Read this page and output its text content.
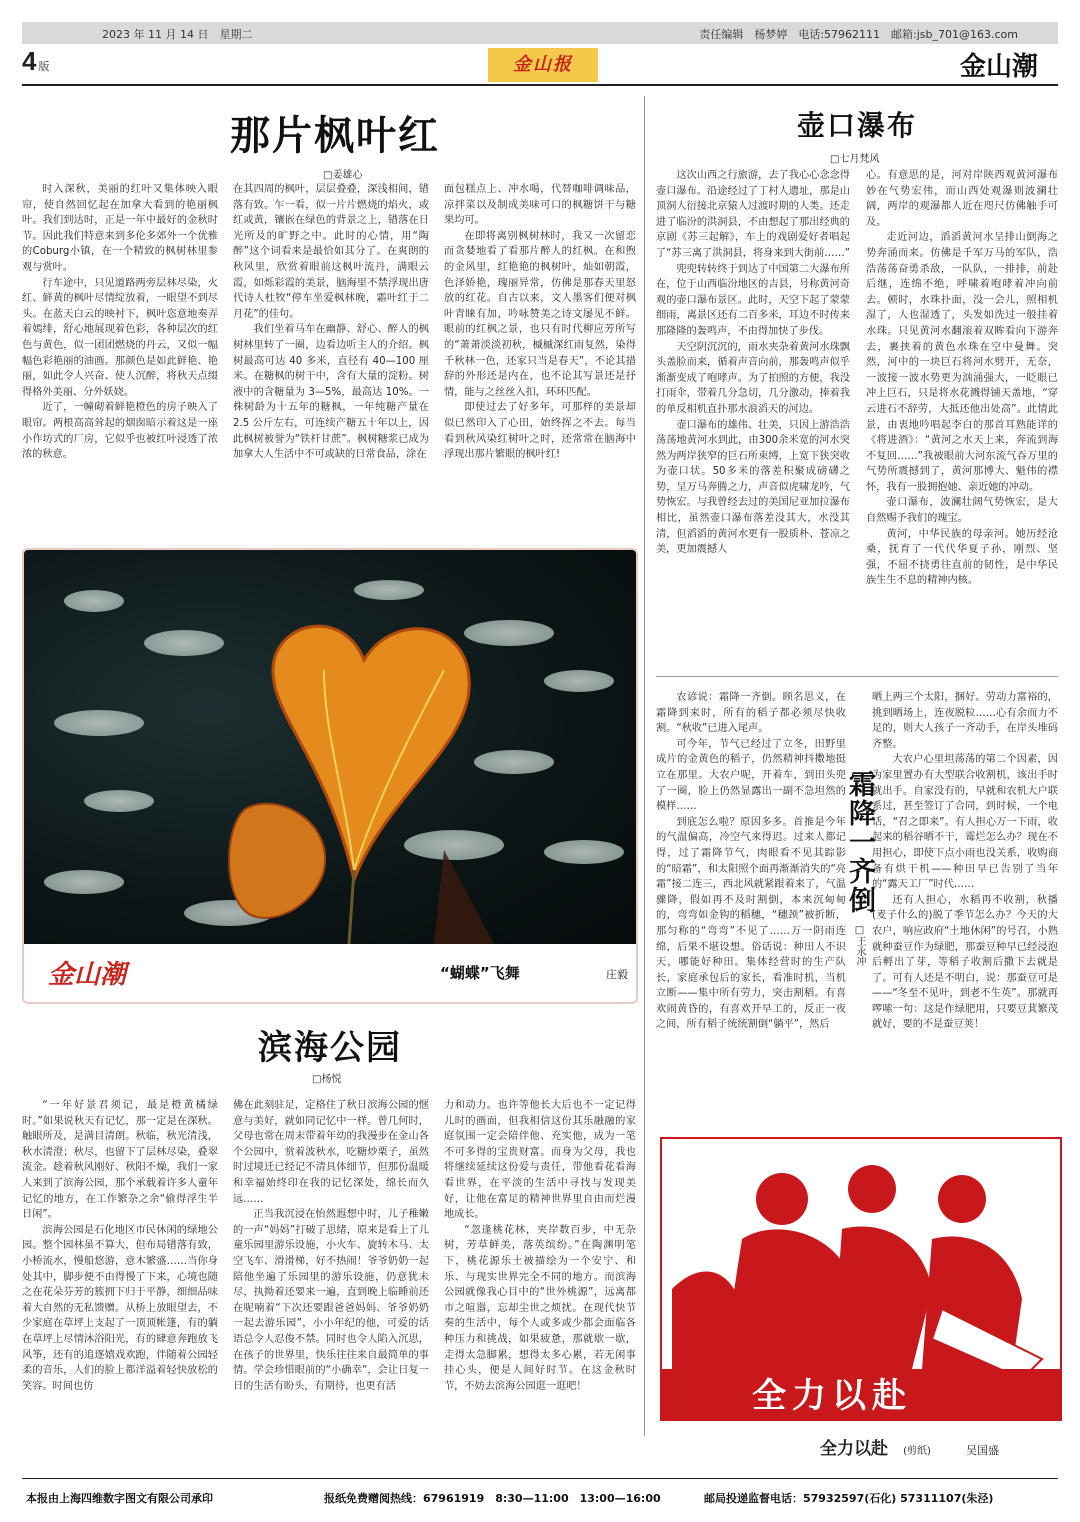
2023 年 11 月 14 日　星期二	责任编辑　杨梦婷　电话:57962111　邮箱:jsb_701@163.com
4 版	金山报	金山潮
那片枫叶红
□姜雄心

时入深秋，美丽的红叶又集体映入眼帘，使自然回忆起在加拿大看到的艳丽枫叶。我们到达时，正是一年中最好的金秋时节。因此我们特意来到多伦多郊外一个优雅的Coburg小镇，在一个精致的枫树林里参观与赏叶。

行车途中，只见道路两旁层林尽染，火红、鲜黄的枫叶尽情绽放着，一眼望不到尽头。在蓝天白云的映衬下，枫叶恣意地奏弄着嫣绯，舒心地展现着色彩，各种层次的红色与黄色，似一团团燃烧的丹云，又似一幅幅色彩艳丽的油画。那颜色是如此鲜艳、艳丽，如此令人兴奋、使人沉醉，将秋天点缀得格外美丽、分外妖娆。

近了，一幢砌着鲜艳橙色的房子映入了眼帘。两根高高耸起的烟囱暗示着这是一座小作坊式的厂房，它似乎也被红叶浸透了浓浓的秋意。

在其四周的枫叶，层层叠叠，深浅相间，错落有致。乍一看，似一片片燃烧的焰火，或红或黄，镶嵌在绿色的背景之上，错落在日光所及的旷野之中。此时的心情，用“陶醉”这个词看来是最恰如其分了。在爽朗的秋风里，欣赏着眼前这枫叶流丹，满眼云霞，如烁彩霞的美景，脑海里不禁浮现出唐代诗人杜牧“停车坐爱枫林晚，霜叶红于二月花”的佳句。

我们坐着马车在幽静、舒心、醉人的枫树林里转了一圈，边看边听主人的介绍。枫树最高可达 40 多米，直径有 40—100 厘米。在糖枫的树干中，含有大量的淀粉。树液中的含糖量为 3—5%，最高达 10%。一株树龄为十五年的糖枫，一年纯糖产量在 2.5 公斤左右，可连续产糖五十年以上，因此枫树被誉为“铁杆甘蔗”。枫树糖浆已成为加拿大人生活中不可或缺的日常食品，涂在

面包糕点上、冲水喝，代替咖啡调味品，凉拌菜以及制成美味可口的枫糖饼干与糖果均可。

在即将离别枫树林时，我又一次留恋而贪婪地看了看那片醉人的红枫。在和煦的金风里，红艳艳的枫树叶，灿如朝霞，色泽娇艳，瑰丽异常，仿佛是那春天里怒放的红花。自古以来，文人墨客们便对枫叶青睐有加，吟咏赞美之诗文屡见不鲜。眼前的红枫之景，也只有时代柳应芳所写的“萧萧淡淡初秋，槭槭深红雨复然，染得千秋林一色，还家只当是春天”，不论其措辞的外形还是内在，也不论其写景还是抒情，能与之丝丝入扣，环环匹配。

即使过去了好多年，可那样的美景却似已然印入了心田，始终挥之不去。每当看到秋风染红树叶之时，还常常在脑海中浮现出那片繁眼的枫叶红!

壶口瀑布
□七月梵风

这次山西之行旅游，去了我心心念念得壶口瀑布。沿途经过了丁村人遗址，那是山顶洞人衍接北京猿人过渡时期的人类。还走进了临汾的洪洞县，不由想起了那出经典的京剧《苏三起解》，车上的戏剧爱好者唱起了“苏三离了洪洞县，将身来到大街前……”

兜兜转转终于到达了中国第二大瀑布所在，位于山西临汾地区的吉县，号称黄河奇观的壶口瀑布景区。此时，天空下起了蒙蒙细雨，离景区还有二百多米，耳边不时传来那隆隆的轰鸣声，不由得加快了步伐。

天空阴沉沉的，雨水夹杂着黄河水珠飘头盖脸而来，循着声音向前，那轰鸣声似乎渐渐变成了咆哮声。为了拍照的方便，我没打雨伞，带着几分急切，几分激动，捧着我的单反相机直扑那水浪滔天的河边。

壶口瀑布的雄伟、壮美，只因上游浩浩荡荡地黄河水到此，由300余米宽的河水突然为两岸狭窄的巨石所束缚，上宽下狭突收为壶口状。50多米的落差积聚成磅礴之势，呈万马奔腾之力，声音似虎啸龙吟，气势恢宏。与我曾经去过的美国尼亚加拉瀑布相比，虽然壶口瀑布落差没其大，水没其清，但滔滔的黄河水更有一股质朴、苍凉之美，更加震撼人

心。有意思的是，河对岸陕西观黄河瀑布妙在气势宏伟，而山西处观瀑则波澜壮阔，两岸的观瀑都人近在咫尺仿佛触手可及。

走近河边，滔滔黄河水呈排山倒海之势奔涌而来。仿佛是千军万马的军队，浩浩荡荡奋勇杀敌，一队队，一排排，前赴后继，连绵不绝，呼啸着咆哮着冲向前去。顿时，水珠扑面，没一会儿，照相机湿了，人也湿透了，头发如洗过一般挂着水珠。只见黄河水翻滚着双眸看向下游奔去，裹挟着的黄色水珠在空中曼舞。突然，河中的一块巨石将河水劈开，无奈，一波接一波水势更为汹涌强大，一眨眼已冲上巨石，只是将水花溅得铺天盖地，“穿云进石不辞劳，大抵还他出处高”。此情此景，由衷地吟唱起李白的那首耳熟能详的《将进酒》：“黄河之水天上来，奔流到海不复回……”我被眼前大河东流气吞万里的气势所震撼到了，黄河那博大、魁伟的襟怀，我有一股拥抱她、亲近她的冲动。

壶口瀑布，波澜壮阔气势恢宏，是大自然赐予我们的瑰宝。

黄河，中华民族的母亲河。她历经沧桑，抚育了一代代华夏子孙，刚烈、坚强，不屈不挠勇往直前的韧性，是中华民族生生不息的精神内核。

金山潮	“蝴蝶”飞舞	庄毅

农谚说：霜降一齐倒。顾名思义，在霜降到来时，所有的稻子都必须尽快收割。“秋收”已进入尾声。

可今年，节气已经过了立冬，田野里成片的金黄色的稻子，仍然精神抖擞地挺立在那里。大农户呢，开着车，到田头兜了一圈，脸上仍然显露出一副不急坦然的模样……

到底怎么啦？原因多多。首推是今年的气温偏高，冷空气来得迟。过来人都记得，过了霜降节气，肉眼看不见其踪影的“暗霜”，和太阳照个面再渐渐消失的“亮霜”接二连三，西北风就紧跟着来了，气温骤降，假如再不及时割倒，本来沉甸甸的，弯弯如金钩的稻穗，“穗颈”被折断，那匀称的“弯弯”不见了……万一阴雨连绵，后果不堪设想。俗话说：种田人不识天，哪能好种田。集体经营时的生产队长，家庭承包后的家长，看准时机，当机立断——集中所有劳力，突击割稻。有喜欢闹黄昏的，有喜欢开早工的，反正一夜之间，所有稻子统统割倒“躺平”，然后

霜降一齐倒
□王永冲

晒上两三个太阳，捆好。劳动力富裕的，挑到晒场上，连夜脱粒……心有余而力不足的，则大人孩子一齐动手，在岸头堆码齐整。

大农户心里坦荡荡的第二个因素，因为家里置办有大型联合收割机，该出手时就出手。自家没有的，早就和农机大户联系过，甚至签订了合同，到时候，一个电话，“召之即来”。有人担心万一下雨，收起来的稻谷晒不干，霉烂怎么办？现在不用担心，即使下点小雨也没关系，收购商备有烘干机——种田早已告别了当年的“露天工厂”时代……

还有人担心，水稻再不收割，秋播(麦子什么的)脱了季节怎么办？今天的大农户，响应政府“土地休闲”的号召，小熟就种蚕豆作为绿肥，那蚕豆种早已经浸泡后孵出了芽，等稻子收割后撒下去就是了。可有人还是不明白，说：那蚕豆可是——“冬至不见叶，到老不生英”。那就再啰嗦一句：这是作绿肥用，只要豆萁繁茂就好，要的不是蚕豆荚！

滨海公园
□杨悦

“一年好景君须记，最是橙黄橘绿时。”如果说秋天有记忆，那一定是在深秋。触眼所及，是满目清朗。秋临，秋光清浅，秋水清澄；秋尽，也留下了层林尽染，叠翠流金。趁着秋风刚好、秋阳不燥，我们一家人来到了滨海公园，那个承载着许多人童年记忆的地方，在工作繁杂之余“偷得浮生半日闲”。

滨海公园是石化地区市民休闲的绿地公园。整个园林虽不算大，但布局错落有致，小桥流水，慢船悠游，意木繁盛……当你身处其中，脚步便不由得慢了下来，心境也随之在花朵芬芳的簇拥下归于平静，细细品味着大自然的无私馈赠。从桥上放眼望去，不少家庭在草坪上支起了一顶顶帐篷，有的躺在草坪上尽情沐浴阳光，有的肆意奔跑放飞风筝，还有的追逐嬉戏欢跑，伴随着公园轻柔的音乐，人们的脸上都洋溢着轻快放松的笑容。时间也仿

佛在此刻驻足，定格住了秋日滨海公园的惬意与美好，就如同记忆中一样。曾几何时，父母也常在周末带着年幼的我漫步在金山各个公园中，赏着波秋水，吃糖炒栗子，虽然时过境迁已经记不清具体细节，但那份温暖和幸福始终印在我的记忆深处，绵长而久远……

正当我沉浸在怡然遐想中时，儿子稚嫩的一声“妈妈”打破了思绪，原来是看上了儿童乐园里游乐设施，小火车、旋转木马、太空飞车、滑滑梯，好不热闹！爷爷奶奶一起陪他坐遍了乐园里的游乐设施，仍意犹未尽，执拗着还要来一遍，直到晚上临睡前还在呢喃着“下次还要跟爸爸妈妈、爷爷奶奶一起去游乐园”，小小年纪的他，可爱的话语总令人忍俊不禁。同时也令人陷入沉思，在孩子的世界里，快乐往往来自最简单的事情。学会珍惜眼前的“小确幸”，会让日复一日的生活有盼头，有期待，也更有活

力和动力。也许等他长大后也不一定记得儿时的画面，但我相信这份其乐融融的家庭氛围一定会陪伴他、充实他，成为一笔不可多得的宝贵财富。而身为父母，我也将继续延续这份爱与责任，带他看花看海看世界，在平淡的生活中寻找与发现美好，让他在富足的精神世界里自由而烂漫地成长。

“忽逢桃花林，夹岸数百步，中无杂树，芳草鲜美，落英缤纷。”在陶渊明笔下，桃花源乐土被描绘为一个安宁、和乐、与现实世界完全不同的地方。而滨海公园就像我心目中的“世外桃源”，远离都市之喧嚣，忘却尘世之烦扰。在现代快节奏的生活中，每个人或多或少都会面临各种压力和挑战，如果疲惫，那就歇一歇，走得太急脚累，想得太多心累，若无闲事挂心头，便是人间好时节。在这金秋时节，不妨去滨海公园逛一逛吧！	全力以赴
全力以赴 (剪纸)	吴国盛
本报由上海四维数字图文有限公司承印	报纸免费赠阅热线：67961919　8:30—11:00　13:00—16:00	邮局投递监督电话：57932597(石化) 57311107(朱泾)
